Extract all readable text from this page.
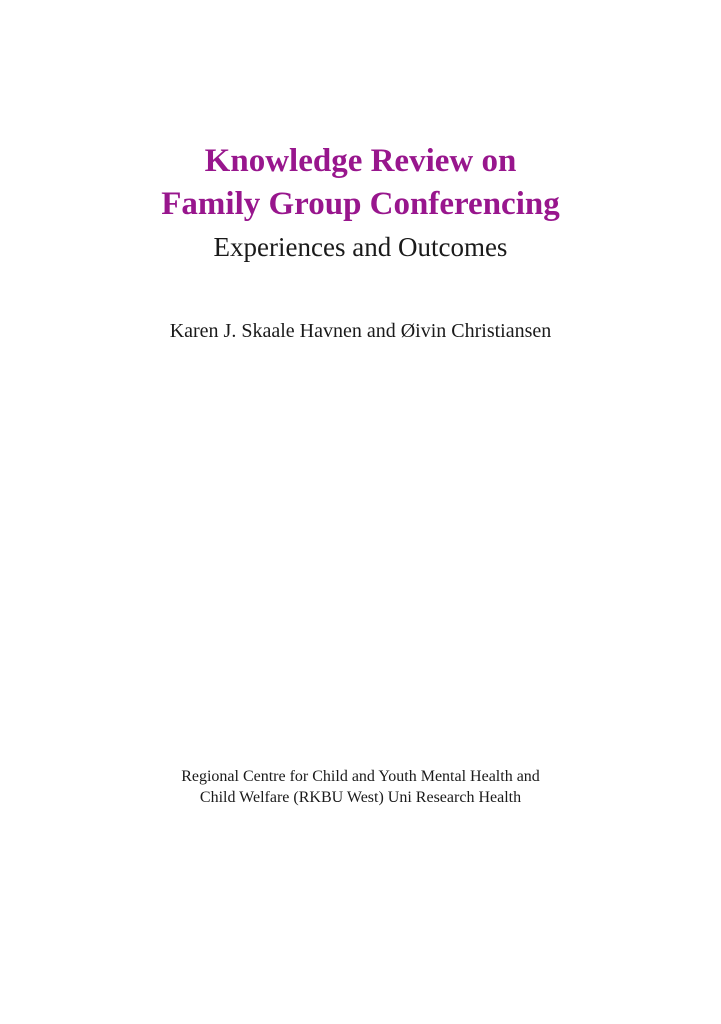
Knowledge Review on
Family Group Conferencing
Experiences and Outcomes
Karen J. Skaale Havnen and Øivin Christiansen
Regional Centre for Child and Youth Mental Health and
Child Welfare (RKBU West) Uni Research Health
